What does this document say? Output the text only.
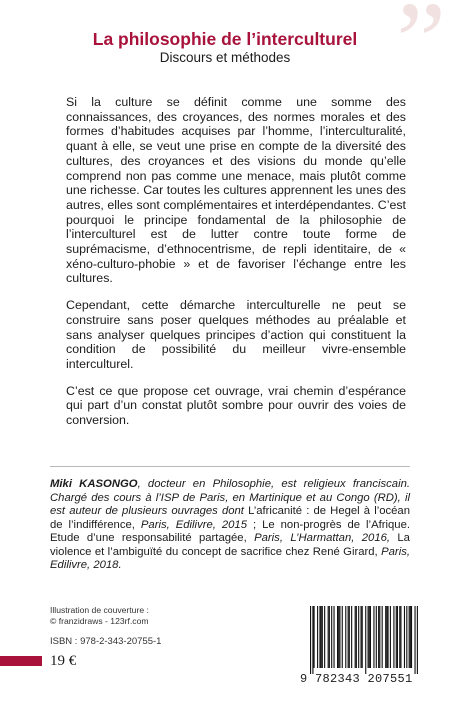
”
La philosophie de l’interculturel
Discours et méthodes

Si la culture se définit comme une somme des connaissances, des croyances, des normes morales et des formes d’habitudes acquises par l’homme, l’interculturalité, quant à elle, se veut une prise en compte de la diversité des cultures, des croyances et des visions du monde qu’elle comprend non pas comme une menace, mais plutôt comme une richesse. Car toutes les cultures apprennent les unes des autres, elles sont complémentaires et interdépendantes. C’est pourquoi le principe fondamental de la philosophie de l’interculturel est de lutter contre toute forme de suprémacisme, d’ethnocentrisme, de repli identitaire, de « xéno-culturo-phobie » et de favoriser l’échange entre les cultures.

Cependant, cette démarche interculturelle ne peut se construire sans poser quelques méthodes au préalable et sans analyser quelques principes d’action qui constituent la condition de possibilité du meilleur vivre-ensemble interculturel.

C’est ce que propose cet ouvrage, vrai chemin d’espérance qui part d’un constat plutôt sombre pour ouvrir des voies de conversion.

Miki KASONGO, docteur en Philosophie, est religieux franciscain. Chargé des cours à l’ISP de Paris, en Martinique et au Congo (RD), il est auteur de plusieurs ouvrages dont L’africanité : de Hegel à l’océan de l’indifférence, Paris, Edilivre, 2015 ; Le non-progrès de l’Afrique. Etude d’une responsabilité partagée, Paris, L’Harmattan, 2016, La violence et l’ambiguïté du concept de sacrifice chez René Girard, Paris, Edilivre, 2018.
Illustration de couverture :
© franzidraws - 123rf.com
ISBN : 978-2-343-20755-1
19 €
9 782343 207551
